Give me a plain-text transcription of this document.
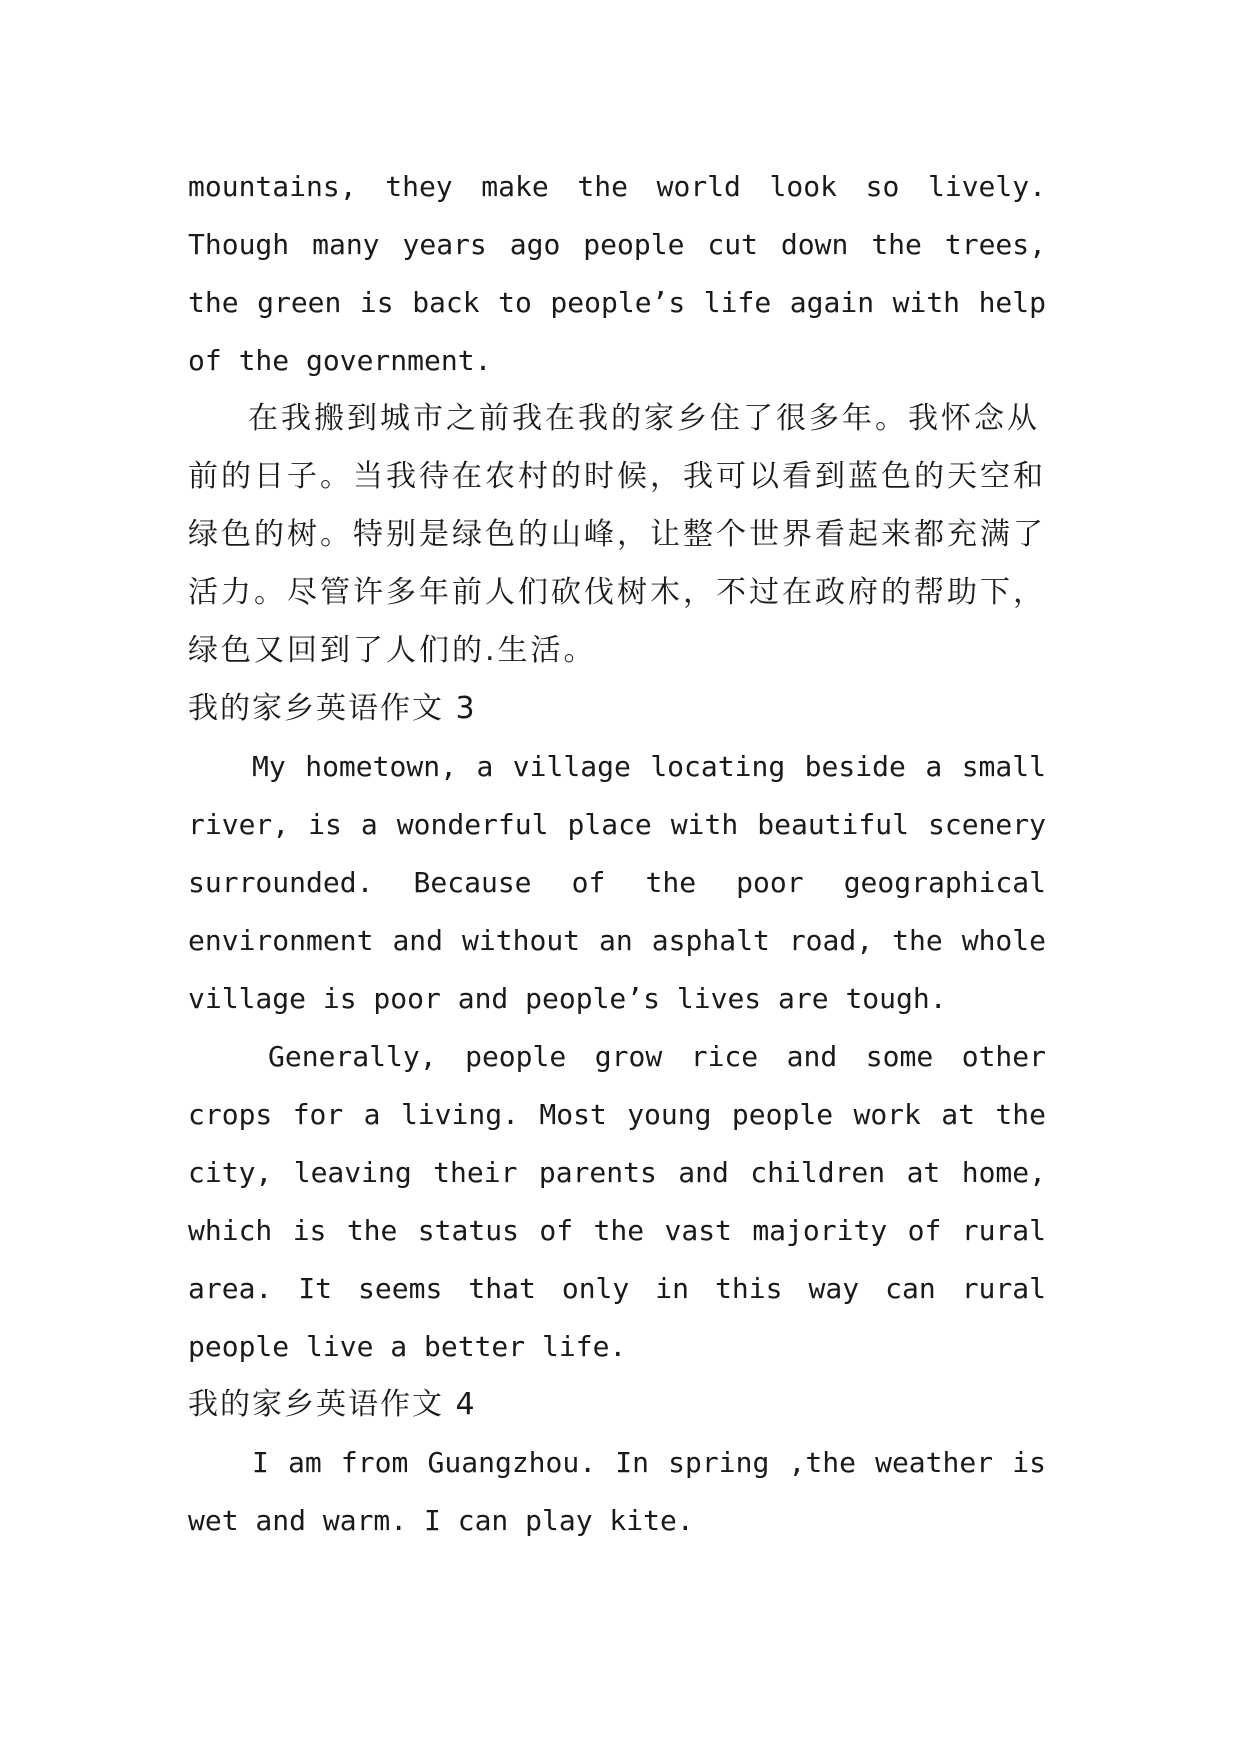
mountains, they make the world look so lively.
Though many years ago people cut down the trees,
the green is back to people’s life again with help
of the government.
在我搬到城市之前我在我的家乡住了很多年。我怀念从
前的日子。当我待在农村的时候，我可以看到蓝色的天空和
绿色的树。特别是绿色的山峰，让整个世界看起来都充满了
活力。尽管许多年前人们砍伐树木，不过在政府的帮助下，
绿色又回到了人们的.生活。
我的家乡英语作文 3
My hometown, a village locating beside a small
river, is a wonderful place with beautiful scenery
surrounded. Because of the poor geographical
environment and without an asphalt road, the whole
village is poor and people’s lives are tough.
Generally, people grow rice and some other
crops for a living. Most young people work at the
city, leaving their parents and children at home,
which is the status of the vast majority of rural
area. It seems that only in this way can rural
people live a better life.
我的家乡英语作文 4
I am from Guangzhou. In spring ,the weather is
wet and warm. I can play kite.
